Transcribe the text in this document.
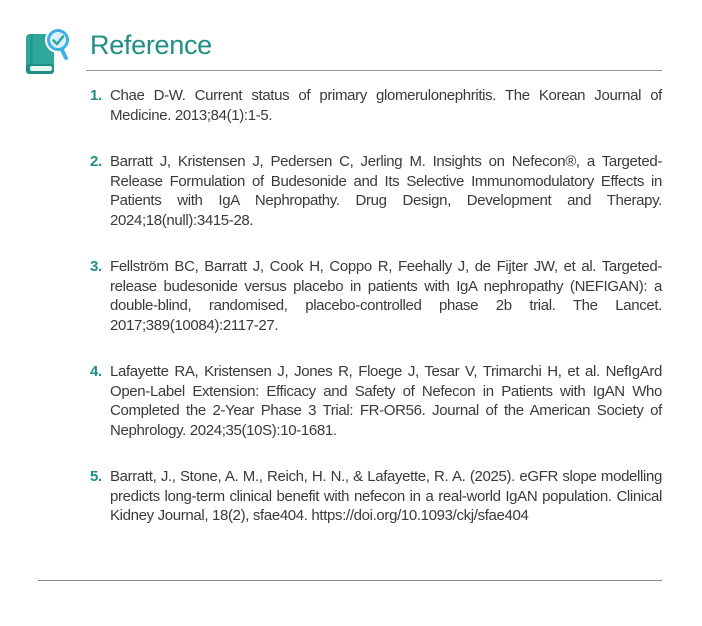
Reference
1. Chae D-W. Current status of primary glomerulonephritis. The Korean Journal of Medicine. 2013;84(1):1-5.
2. Barratt J, Kristensen J, Pedersen C, Jerling M. Insights on Nefecon®, a Targeted-Release Formulation of Budesonide and Its Selective Immunomodulatory Effects in Patients with IgA Nephropathy. Drug Design, Development and Therapy. 2024;18(null):3415-28.
3. Fellström BC, Barratt J, Cook H, Coppo R, Feehally J, de Fijter JW, et al. Targeted-release budesonide versus placebo in patients with IgA nephropathy (NEFIGAN): a double-blind, randomised, placebo-controlled phase 2b trial. The Lancet. 2017;389(10084):2117-27.
4. Lafayette RA, Kristensen J, Jones R, Floege J, Tesar V, Trimarchi H, et al. NefIgArd Open-Label Extension: Efficacy and Safety of Nefecon in Patients with IgAN Who Completed the 2-Year Phase 3 Trial: FR-OR56. Journal of the American Society of Nephrology. 2024;35(10S):10-1681.
5. Barratt, J., Stone, A. M., Reich, H. N., & Lafayette, R. A. (2025). eGFR slope modelling predicts long-term clinical benefit with nefecon in a real-world IgAN population. Clinical Kidney Journal, 18(2), sfae404. https://doi.org/10.1093/ckj/sfae404
